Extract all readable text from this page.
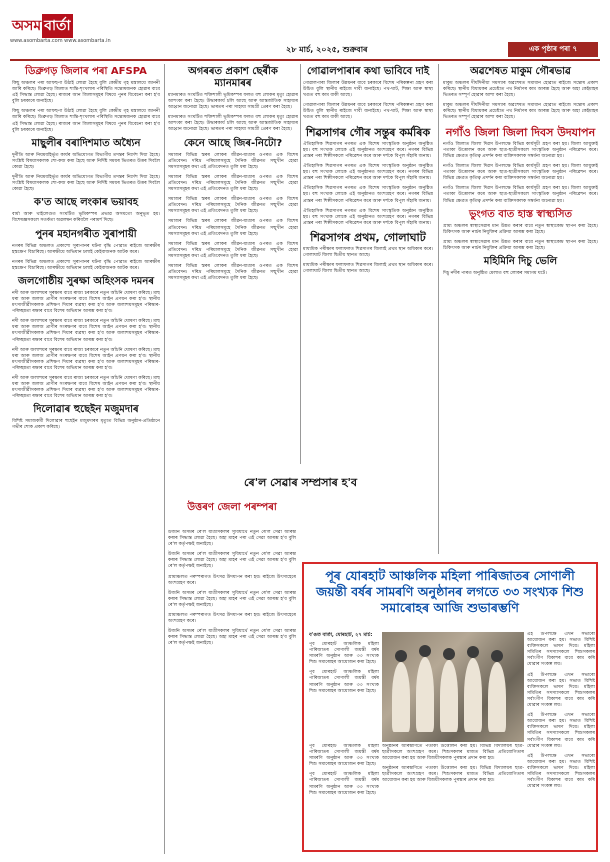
অসম বাৰ্তা
www.asombarta.com www.asombarta.in
২৮ মাৰ্চ, ২০২৫, শুক্ৰবাৰ	এক পৃষ্ঠাৰ পৰা ৭
ডিব্ৰুগড় জিলাৰ পৰা AFSPA

কিছু অঞ্চলৰ পৰা আফছপা উঠাই লোৱা হৈছে বুলি কেন্দ্ৰীয় গৃহ মন্ত্ৰালয়ে জাননী জাৰি কৰিছে। ডিব্ৰুগড় জিলাত শান্তি-শৃংখলাৰ পৰিস্থিতি সন্তোষজনক হোৱাৰ বাবে এই সিদ্ধান্ত লোৱা হৈছে। ৰাজ্যৰ আন জিলাসমূহৰ বিষয়ে পুনৰ বিবেচনা কৰা হ'ব বুলি চৰকাৰে জনাইছে।

কিছু অঞ্চলৰ পৰা আফছপা উঠাই লোৱা হৈছে বুলি কেন্দ্ৰীয় গৃহ মন্ত্ৰালয়ে জাননী জাৰি কৰিছে। ডিব্ৰুগড় জিলাত শান্তি-শৃংখলাৰ পৰিস্থিতি সন্তোষজনক হোৱাৰ বাবে এই সিদ্ধান্ত লোৱা হৈছে। ৰাজ্যৰ আন জিলাসমূহৰ বিষয়ে পুনৰ বিবেচনা কৰা হ'ব বুলি চৰকাৰে জনাইছে।

মাছুলীৰ বৰাদিশমাত অধ্যৈন

দুৰ্নীতি আৰু নিয়মবহিৰ্ভূত কাৰ্যৰ অভিযোগত বিভাগীয় তদন্তৰ নিৰ্দেশ দিয়া হৈছে। সংশ্লিষ্ট বিষয়াসকলক শো-কজ কৰা হৈছে আৰু নিৰ্দিষ্ট সময়ৰ ভিতৰত উত্তৰ দিবলৈ কোৱা হৈছে।

দুৰ্নীতি আৰু নিয়মবহিৰ্ভূত কাৰ্যৰ অভিযোগত বিভাগীয় তদন্তৰ নিৰ্দেশ দিয়া হৈছে। সংশ্লিষ্ট বিষয়াসকলক শো-কজ কৰা হৈছে আৰু নিৰ্দিষ্ট সময়ৰ ভিতৰত উত্তৰ দিবলৈ কোৱা হৈছে।

ক'ত আছে লংকাৰ ভয়াবহ

বাৰ্মা আৰু থাইলেণ্ডত সংঘটিত ভূমিকম্পৰ প্ৰভাৱ অসমতো অনুভূত হয়। বিশেষজ্ঞসকলে সতৰ্কতা অৱলম্বন কৰিবলৈ পৰামৰ্শ দিছে।

পুনৰ মহানগৰীত সুৰাপায়ী

নগৰৰ বিভিন্ন অঞ্চলত প্ৰকাশ্যে সুৰাপানৰ ঘটনা বৃদ্ধি পোৱাত ৰাইজে আৰক্ষীৰ হস্তক্ষেপ বিচাৰিছে। আৰক্ষীয়ে অভিযান চলাই কেইবাজনক আটক কৰে।

নগৰৰ বিভিন্ন অঞ্চলত প্ৰকাশ্যে সুৰাপানৰ ঘটনা বৃদ্ধি পোৱাত ৰাইজে আৰক্ষীৰ হস্তক্ষেপ বিচাৰিছে। আৰক্ষীয়ে অভিযান চলাই কেইবাজনক আটক কৰে।

জলগোষ্ঠীয় সুৰক্ষা অহিংসক দমনৰ

নদী আৰু জলাশয়ৰ সুৰক্ষাৰ বাবে ৰাজ্য চৰকাৰে নতুন আঁচনি ঘোষণা কৰিছে। মাছ ধৰা আৰু জলজ প্ৰাণীৰ সংৰক্ষণৰ বাবে বিশেষ আইন প্ৰণয়ন কৰা হ'ব। স্থানীয় মৎস্যজীৱীসকলক প্ৰশিক্ষণ দিয়াৰ ব্যৱস্থা কৰা হ'ব আৰু জলাশয়সমূহৰ পৰিষ্কাৰ-পৰিচ্ছন্নতা ৰক্ষাৰ বাবে বিশেষ অভিযান আৰম্ভ কৰা হ'ব।

নদী আৰু জলাশয়ৰ সুৰক্ষাৰ বাবে ৰাজ্য চৰকাৰে নতুন আঁচনি ঘোষণা কৰিছে। মাছ ধৰা আৰু জলজ প্ৰাণীৰ সংৰক্ষণৰ বাবে বিশেষ আইন প্ৰণয়ন কৰা হ'ব। স্থানীয় মৎস্যজীৱীসকলক প্ৰশিক্ষণ দিয়াৰ ব্যৱস্থা কৰা হ'ব আৰু জলাশয়সমূহৰ পৰিষ্কাৰ-পৰিচ্ছন্নতা ৰক্ষাৰ বাবে বিশেষ অভিযান আৰম্ভ কৰা হ'ব।

নদী আৰু জলাশয়ৰ সুৰক্ষাৰ বাবে ৰাজ্য চৰকাৰে নতুন আঁচনি ঘোষণা কৰিছে। মাছ ধৰা আৰু জলজ প্ৰাণীৰ সংৰক্ষণৰ বাবে বিশেষ আইন প্ৰণয়ন কৰা হ'ব। স্থানীয় মৎস্যজীৱীসকলক প্ৰশিক্ষণ দিয়াৰ ব্যৱস্থা কৰা হ'ব আৰু জলাশয়সমূহৰ পৰিষ্কাৰ-পৰিচ্ছন্নতা ৰক্ষাৰ বাবে বিশেষ অভিযান আৰম্ভ কৰা হ'ব।

নদী আৰু জলাশয়ৰ সুৰক্ষাৰ বাবে ৰাজ্য চৰকাৰে নতুন আঁচনি ঘোষণা কৰিছে। মাছ ধৰা আৰু জলজ প্ৰাণীৰ সংৰক্ষণৰ বাবে বিশেষ আইন প্ৰণয়ন কৰা হ'ব। স্থানীয় মৎস্যজীৱীসকলক প্ৰশিক্ষণ দিয়াৰ ব্যৱস্থা কৰা হ'ব আৰু জলাশয়সমূহৰ পৰিষ্কাৰ-পৰিচ্ছন্নতা ৰক্ষাৰ বাবে বিশেষ অভিযান আৰম্ভ কৰা হ'ব।

দিলোৱাৰ হুছেইন মজুমদাৰ

বিশিষ্ট সমাজকৰ্মী দিলোৱাৰ হুছেইন মজুমদাৰৰ মৃত্যুত বিভিন্ন অনুষ্ঠান-প্ৰতিষ্ঠানে গভীৰ শোক প্ৰকাশ কৰিছে।

অগৰৰত প্ৰকাশ ছেৰ্ৰীক ম্যানমাৰৰ

ম্যানমাৰত সংঘটিত শক্তিশালী ভূমিকম্পৰ ফলত বহু লোকৰ মৃত্যু হোৱাৰ আশংকা কৰা হৈছে। উদ্ধাৰকাৰ্য চলি আছে আৰু আন্তৰ্জাতিক সাহায্যৰ আহ্বান জনোৱা হৈছে। ভাৰতৰ পৰা সাহায্য সামগ্ৰী প্ৰেৰণ কৰা হৈছে।

ম্যানমাৰত সংঘটিত শক্তিশালী ভূমিকম্পৰ ফলত বহু লোকৰ মৃত্যু হোৱাৰ আশংকা কৰা হৈছে। উদ্ধাৰকাৰ্য চলি আছে আৰু আন্তৰ্জাতিক সাহায্যৰ আহ্বান জনোৱা হৈছে। ভাৰতৰ পৰা সাহায্য সামগ্ৰী প্ৰেৰণ কৰা হৈছে।

কেনে আছে জিৰ-নিটো?

সমাজৰ বিভিন্ন স্তৰৰ লোকৰ জীৱন-যাত্ৰাৰ ওপৰত এক বিশেষ প্ৰতিবেদন। দৰিদ্ৰ পৰিয়ালসমূহে দৈনিক জীৱনত সন্মুখীন হোৱা সমস্যাসমূহৰ কথা এই প্ৰতিবেদনত তুলি ধৰা হৈছে।

সমাজৰ বিভিন্ন স্তৰৰ লোকৰ জীৱন-যাত্ৰাৰ ওপৰত এক বিশেষ প্ৰতিবেদন। দৰিদ্ৰ পৰিয়ালসমূহে দৈনিক জীৱনত সন্মুখীন হোৱা সমস্যাসমূহৰ কথা এই প্ৰতিবেদনত তুলি ধৰা হৈছে।

সমাজৰ বিভিন্ন স্তৰৰ লোকৰ জীৱন-যাত্ৰাৰ ওপৰত এক বিশেষ প্ৰতিবেদন। দৰিদ্ৰ পৰিয়ালসমূহে দৈনিক জীৱনত সন্মুখীন হোৱা সমস্যাসমূহৰ কথা এই প্ৰতিবেদনত তুলি ধৰা হৈছে।

সমাজৰ বিভিন্ন স্তৰৰ লোকৰ জীৱন-যাত্ৰাৰ ওপৰত এক বিশেষ প্ৰতিবেদন। দৰিদ্ৰ পৰিয়ালসমূহে দৈনিক জীৱনত সন্মুখীন হোৱা সমস্যাসমূহৰ কথা এই প্ৰতিবেদনত তুলি ধৰা হৈছে।

সমাজৰ বিভিন্ন স্তৰৰ লোকৰ জীৱন-যাত্ৰাৰ ওপৰত এক বিশেষ প্ৰতিবেদন। দৰিদ্ৰ পৰিয়ালসমূহে দৈনিক জীৱনত সন্মুখীন হোৱা সমস্যাসমূহৰ কথা এই প্ৰতিবেদনত তুলি ধৰা হৈছে।

সমাজৰ বিভিন্ন স্তৰৰ লোকৰ জীৱন-যাত্ৰাৰ ওপৰত এক বিশেষ প্ৰতিবেদন। দৰিদ্ৰ পৰিয়ালসমূহে দৈনিক জীৱনত সন্মুখীন হোৱা সমস্যাসমূহৰ কথা এই প্ৰতিবেদনত তুলি ধৰা হৈছে।

গোৱালপাৰাৰ কথা ভাবিবে দাই

গোৱালপাৰা জিলাৰ উন্নয়নৰ বাবে চৰকাৰে বিশেষ পৰিকল্পনা গ্ৰহণ কৰা উচিত বুলি স্থানীয় ৰাইজে দাবী জনাইছে। পথ-ঘাট, শিক্ষা আৰু স্বাস্থ্য খণ্ডত বহু কাম বাকী আছে।

গোৱালপাৰা জিলাৰ উন্নয়নৰ বাবে চৰকাৰে বিশেষ পৰিকল্পনা গ্ৰহণ কৰা উচিত বুলি স্থানীয় ৰাইজে দাবী জনাইছে। পথ-ঘাট, শিক্ষা আৰু স্বাস্থ্য খণ্ডত বহু কাম বাকী আছে।

শিৱসাগৰ গৌৰ সন্তুৰ কৰ্মৰিক

ঐতিহাসিক শিৱসাগৰ নগৰত এক বিশেষ সাংস্কৃতিক অনুষ্ঠান অনুষ্ঠিত হয়। বহু সংখ্যক লোকে এই অনুষ্ঠানত অংশগ্ৰহণ কৰে। নগৰৰ বিভিন্ন প্ৰান্তৰ পৰা শিল্পীসকলে পৰিৱেশন কৰে আৰু দৰ্শকে বিপুল সঁহাৰি জনায়।

ঐতিহাসিক শিৱসাগৰ নগৰত এক বিশেষ সাংস্কৃতিক অনুষ্ঠান অনুষ্ঠিত হয়। বহু সংখ্যক লোকে এই অনুষ্ঠানত অংশগ্ৰহণ কৰে। নগৰৰ বিভিন্ন প্ৰান্তৰ পৰা শিল্পীসকলে পৰিৱেশন কৰে আৰু দৰ্শকে বিপুল সঁহাৰি জনায়।

ঐতিহাসিক শিৱসাগৰ নগৰত এক বিশেষ সাংস্কৃতিক অনুষ্ঠান অনুষ্ঠিত হয়। বহু সংখ্যক লোকে এই অনুষ্ঠানত অংশগ্ৰহণ কৰে। নগৰৰ বিভিন্ন প্ৰান্তৰ পৰা শিল্পীসকলে পৰিৱেশন কৰে আৰু দৰ্শকে বিপুল সঁহাৰি জনায়।

ঐতিহাসিক শিৱসাগৰ নগৰত এক বিশেষ সাংস্কৃতিক অনুষ্ঠান অনুষ্ঠিত হয়। বহু সংখ্যক লোকে এই অনুষ্ঠানত অংশগ্ৰহণ কৰে। নগৰৰ বিভিন্ন প্ৰান্তৰ পৰা শিল্পীসকলে পৰিৱেশন কৰে আৰু দৰ্শকে বিপুল সঁহাৰি জনায়।

শিৱসাগৰ প্ৰথম, গোলাঘাট

মাধ্যমিক পৰীক্ষাৰ ফলাফলত শিৱসাগৰ জিলাই প্ৰথম স্থান অধিকাৰ কৰে। গোলাঘাট জিলা দ্বিতীয় স্থানত আছে।

মাধ্যমিক পৰীক্ষাৰ ফলাফলত শিৱসাগৰ জিলাই প্ৰথম স্থান অধিকাৰ কৰে। গোলাঘাট জিলা দ্বিতীয় স্থানত আছে।

অৱশেষত মাকুম গৌৰভাৱ

মাকুম অঞ্চলৰ দীৰ্ঘদিনীয়া সমস্যাৰ অৱশেষত সমাধান হোৱাত ৰাইজে সন্তোষ প্ৰকাশ কৰিছে। স্থানীয় বিধায়কৰ প্ৰচেষ্টাত পথ নিৰ্মাণৰ কাম আৰম্ভ হৈছে আৰু অহা কেইমাহৰ ভিতৰত সম্পূৰ্ণ হোৱাৰ আশা কৰা হৈছে।

মাকুম অঞ্চলৰ দীৰ্ঘদিনীয়া সমস্যাৰ অৱশেষত সমাধান হোৱাত ৰাইজে সন্তোষ প্ৰকাশ কৰিছে। স্থানীয় বিধায়কৰ প্ৰচেষ্টাত পথ নিৰ্মাণৰ কাম আৰম্ভ হৈছে আৰু অহা কেইমাহৰ ভিতৰত সম্পূৰ্ণ হোৱাৰ আশা কৰা হৈছে।

নগাঁও জিলা জিলা দিবস উদযাপন

নগাঁও জিলাত জিলা দিৱস উপলক্ষে বিভিন্ন কাৰ্যসূচী গ্ৰহণ কৰা হয়। জিলা আয়ুক্তই পতাকা উত্তোলন কৰে আৰু ছাত্ৰ-ছাত্ৰীসকলে সাংস্কৃতিক অনুষ্ঠান পৰিৱেশন কৰে। বিভিন্ন ক্ষেত্ৰত কৃতিত্ব প্ৰদৰ্শন কৰা ব্যক্তিসকলক সম্বৰ্ধনা জনোৱা হয়।

নগাঁও জিলাত জিলা দিৱস উপলক্ষে বিভিন্ন কাৰ্যসূচী গ্ৰহণ কৰা হয়। জিলা আয়ুক্তই পতাকা উত্তোলন কৰে আৰু ছাত্ৰ-ছাত্ৰীসকলে সাংস্কৃতিক অনুষ্ঠান পৰিৱেশন কৰে। বিভিন্ন ক্ষেত্ৰত কৃতিত্ব প্ৰদৰ্শন কৰা ব্যক্তিসকলক সম্বৰ্ধনা জনোৱা হয়।

নগাঁও জিলাত জিলা দিৱস উপলক্ষে বিভিন্ন কাৰ্যসূচী গ্ৰহণ কৰা হয়। জিলা আয়ুক্তই পতাকা উত্তোলন কৰে আৰু ছাত্ৰ-ছাত্ৰীসকলে সাংস্কৃতিক অনুষ্ঠান পৰিৱেশন কৰে। বিভিন্ন ক্ষেত্ৰত কৃতিত্ব প্ৰদৰ্শন কৰা ব্যক্তিসকলক সম্বৰ্ধনা জনোৱা হয়।

ভুংগত বাত হাস্ত স্বাস্থ্যসিত

গ্ৰাম্য অঞ্চলৰ স্বাস্থ্যসেৱাৰ মান উন্নত কৰাৰ বাবে নতুন স্বাস্থ্যকেন্দ্ৰ স্থাপন কৰা হৈছে। চিকিৎসক আৰু নাৰ্চৰ নিযুক্তিৰ প্ৰক্ৰিয়া আৰম্ভ কৰা হৈছে।

গ্ৰাম্য অঞ্চলৰ স্বাস্থ্যসেৱাৰ মান উন্নত কৰাৰ বাবে নতুন স্বাস্থ্যকেন্দ্ৰ স্থাপন কৰা হৈছে। চিকিৎসক আৰু নাৰ্চৰ নিযুক্তিৰ প্ৰক্ৰিয়া আৰম্ভ কৰা হৈছে।

মহিমিনি দিচু ভেলি

দিচু নদীৰ পাৰত অনুষ্ঠিত মেলাত বহু লোকৰ সমাগম ঘটে।

ৰে'ল সেৱাৰ সম্প্ৰসাৰ হ'ব
উত্তৰণ জেলা পৰম্পৰা

উজনি অসমৰ ৰে'ল যাত্ৰীসকলৰ সুবিধাৰ্থে নতুন ৰে'ল সেৱা আৰম্ভ কৰাৰ সিদ্ধান্ত লোৱা হৈছে। অহা মাহৰ পৰা এই সেৱা আৰম্ভ হ'ব বুলি ৰে'ল কৰ্তৃপক্ষই জনাইছে।

উজনি অসমৰ ৰে'ল যাত্ৰীসকলৰ সুবিধাৰ্থে নতুন ৰে'ল সেৱা আৰম্ভ কৰাৰ সিদ্ধান্ত লোৱা হৈছে। অহা মাহৰ পৰা এই সেৱা আৰম্ভ হ'ব বুলি ৰে'ল কৰ্তৃপক্ষই জনাইছে।

গ্ৰামাঞ্চলত পৰম্পৰাগত উৎসৱ উদযাপন কৰা হয়। ৰাইজে উৎসাহেৰে অংশগ্ৰহণ কৰে।

উজনি অসমৰ ৰে'ল যাত্ৰীসকলৰ সুবিধাৰ্থে নতুন ৰে'ল সেৱা আৰম্ভ কৰাৰ সিদ্ধান্ত লোৱা হৈছে। অহা মাহৰ পৰা এই সেৱা আৰম্ভ হ'ব বুলি ৰে'ল কৰ্তৃপক্ষই জনাইছে।

গ্ৰামাঞ্চলত পৰম্পৰাগত উৎসৱ উদযাপন কৰা হয়। ৰাইজে উৎসাহেৰে অংশগ্ৰহণ কৰে।

উজনি অসমৰ ৰে'ল যাত্ৰীসকলৰ সুবিধাৰ্থে নতুন ৰে'ল সেৱা আৰম্ভ কৰাৰ সিদ্ধান্ত লোৱা হৈছে। অহা মাহৰ পৰা এই সেৱা আৰম্ভ হ'ব বুলি ৰে'ল কৰ্তৃপক্ষই জনাইছে।

পূৰ যোৰহাট আঞ্চলিক মহিলা পাৰিজাতৰ সোণালী জয়ন্তী বৰ্ষৰ সামৰণি অনুষ্ঠানৰ লগতে ৩৩ সংখ্যক শিশু সমাৰোহৰ আজি শুভাৰম্ভণি
ব'ঙত বাৰ্তা, যোৰহাট, ২৭ মাৰ্চ:

পূব যোৰহাট আঞ্চলিক মহিলা পাৰিজাতৰ সোণালী জয়ন্তী বৰ্ষৰ সামৰণি অনুষ্ঠান আৰু ৩৩ সংখ্যক শিশু সমাৰোহৰ আয়োজন কৰা হৈছে।

পূব যোৰহাট আঞ্চলিক মহিলা পাৰিজাতৰ সোণালী জয়ন্তী বৰ্ষৰ সামৰণি অনুষ্ঠান আৰু ৩৩ সংখ্যক শিশু সমাৰোহৰ আয়োজন কৰা হৈছে।

পূব যোৰহাট আঞ্চলিক মহিলা পাৰিজাতৰ সোণালী জয়ন্তী বৰ্ষৰ সামৰণি অনুষ্ঠান আৰু ৩৩ সংখ্যক শিশু সমাৰোহৰ আয়োজন কৰা হৈছে।

পূব যোৰহাট আঞ্চলিক মহিলা পাৰিজাতৰ সোণালী জয়ন্তী বৰ্ষৰ সামৰণি অনুষ্ঠান আৰু ৩৩ সংখ্যক শিশু সমাৰোহৰ আয়োজন কৰা হৈছে।

অনুষ্ঠানৰ আৰম্ভণিতে পতাকা উত্তোলন কৰা হয়। বিভিন্ন বিদ্যালয়ৰ ছাত্ৰ-ছাত্ৰীসকলে অংশগ্ৰহণ কৰে। শিশুসকলৰ মাজত বিভিন্ন প্ৰতিযোগিতাৰ আয়োজন কৰা হয় আৰু বিজয়ীসকলক পুৰস্কাৰ প্ৰদান কৰা হয়।

অনুষ্ঠানৰ আৰম্ভণিতে পতাকা উত্তোলন কৰা হয়। বিভিন্ন বিদ্যালয়ৰ ছাত্ৰ-ছাত্ৰীসকলে অংশগ্ৰহণ কৰে। শিশুসকলৰ মাজত বিভিন্ন প্ৰতিযোগিতাৰ আয়োজন কৰা হয় আৰু বিজয়ীসকলক পুৰস্কাৰ প্ৰদান কৰা হয়।

এই উপলক্ষে এখন সভাৰো আয়োজন কৰা হয়। সভাত বিশিষ্ট ব্যক্তিসকলে ভাষণ দিয়ে। মহিলা সমিতিৰ সদস্যাসকলে শিশুসকলৰ সৰ্বাংগীণ বিকাশৰ বাবে কাম কৰি যোৱাৰ সংকল্প লয়।

এই উপলক্ষে এখন সভাৰো আয়োজন কৰা হয়। সভাত বিশিষ্ট ব্যক্তিসকলে ভাষণ দিয়ে। মহিলা সমিতিৰ সদস্যাসকলে শিশুসকলৰ সৰ্বাংগীণ বিকাশৰ বাবে কাম কৰি যোৱাৰ সংকল্প লয়।

এই উপলক্ষে এখন সভাৰো আয়োজন কৰা হয়। সভাত বিশিষ্ট ব্যক্তিসকলে ভাষণ দিয়ে। মহিলা সমিতিৰ সদস্যাসকলে শিশুসকলৰ সৰ্বাংগীণ বিকাশৰ বাবে কাম কৰি যোৱাৰ সংকল্প লয়।

এই উপলক্ষে এখন সভাৰো আয়োজন কৰা হয়। সভাত বিশিষ্ট ব্যক্তিসকলে ভাষণ দিয়ে। মহিলা সমিতিৰ সদস্যাসকলে শিশুসকলৰ সৰ্বাংগীণ বিকাশৰ বাবে কাম কৰি যোৱাৰ সংকল্প লয়।
